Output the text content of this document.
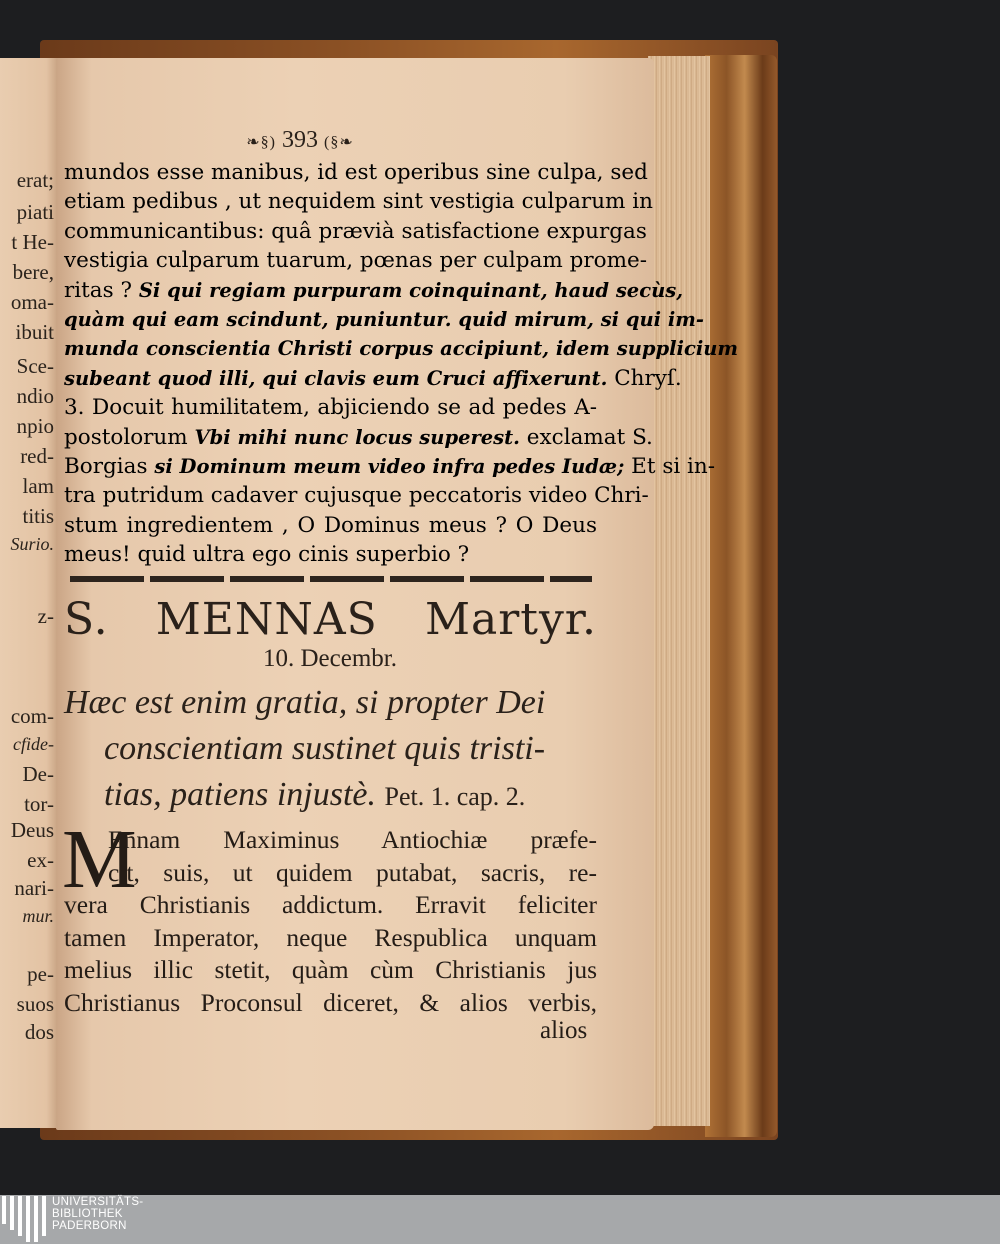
erat;
piati
t He-
bere,
oma-
ibuit
Sce-
ndio
npio
red-
lam
titis
Surio.
z-
com-
cfide-
De-
tor-
Deus
ex-
nari-
mur.
pe-
suos
dos
❧§) 393 (§❧
mundos esse manibus, id est operibus sine culpa, sed
etiam pedibus , ut nequidem sint vestigia culparum in
communicantibus: quâ prævià satisfactione expurgas
vestigia culparum tuarum, pœnas per culpam prome-
ritas ? Si qui regiam purpuram coinquinant, haud secùs,
quàm qui eam scindunt, puniuntur. quid mirum, si qui im-
munda conscientia Christi corpus accipiunt, idem supplicium
subeant quod illi, qui clavis eum Cruci affixerunt. Chryſ.
3. Docuit humilitatem, abjiciendo se ad pedes A-
postolorum Vbi mihi nunc locus superest. exclamat S.
Borgias si Dominum meum video infra pedes Iudæ; Et si in-
tra putridum cadaver cujusque peccatoris video Chri-
stum ingredientem , O Dominus meus ? O Deus
meus! quid ultra ego cinis superbio ?
S. MENNAS Martyr.
10. Decembr.
Hæc est enim gratia, si propter Dei
conscientiam sustinet quis tristi-
tias, patiens injustè. Pet. 1. cap. 2.
M
Ennam Maximinus Antiochiæ præfe-
cit, suis, ut quidem putabat, sacris, re-
vera Christianis addictum. Erravit feliciter
tamen Imperator, neque Respublica unquam
melius illic stetit, quàm cùm Christianis jus
Christianus Proconsul diceret, & alios verbis,
alios
UNIVERSITÄTS-
BIBLIOTHEK
PADERBORN
